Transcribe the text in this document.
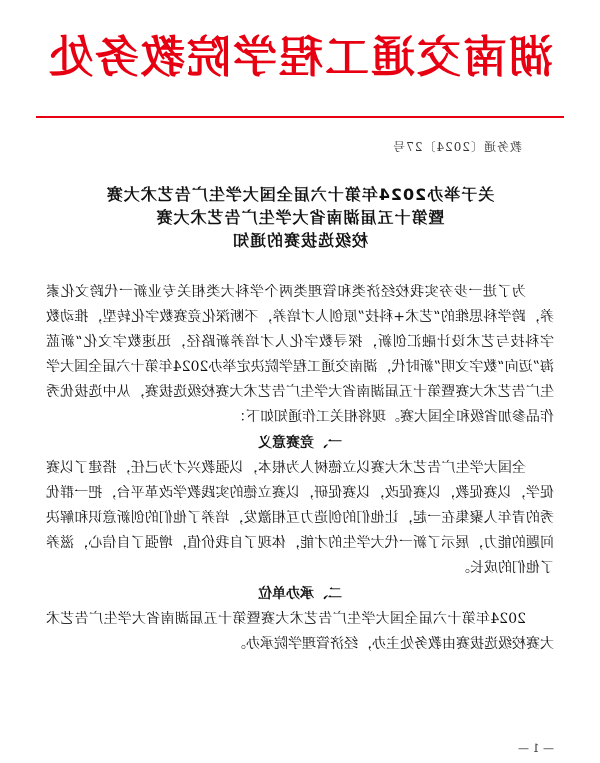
湖南交通工程学院教务处
教务通〔2024〕27号
关于举办2024年第十六届全国大学生广告艺术大赛
暨第十五届湖南省大学生广告艺术大赛
校级选拔赛的通知

为了进一步夯实我校经济类和管理类两个学科大类相关专业新一代跨文化素养，跨学科思维的“艺术+科技”原创人才培养，不断深化竞赛数字化转型，推动数字科技与艺术设计融汇创新，探寻数字化人才培养新路径，迅速数字文化“新蓝海”迈向“数字文明”新时代，湖南交通工程学院决定举办2024年第十六届全国大学生广告艺术大赛暨第十五届湖南省大学生广告艺术大赛校级选拔赛，从中选拔优秀作品参加省级和全国大赛。现将相关工作通知如下：

一、竞赛意义

全国大学生广告艺术大赛以立德树人为根本，以强教兴才为己任，搭建了以赛促学，以赛促教，以赛促改，以赛促研，以赛立德的实践教学改革平台，把一群优秀的青年人聚集在一起，让他们的创造力互相激发，培养了他们的创新意识和解决问题的能力，展示了新一代大学生的才能，体现了自我价值，增强了自信心，滋养了他们的成长。

二、承办单位

2024年第十六届全国大学生广告艺术大赛暨第十五届湖南省大学生广告艺术大赛校级选拔赛由教务处主办，经济管理学院承办。

— 1 —
